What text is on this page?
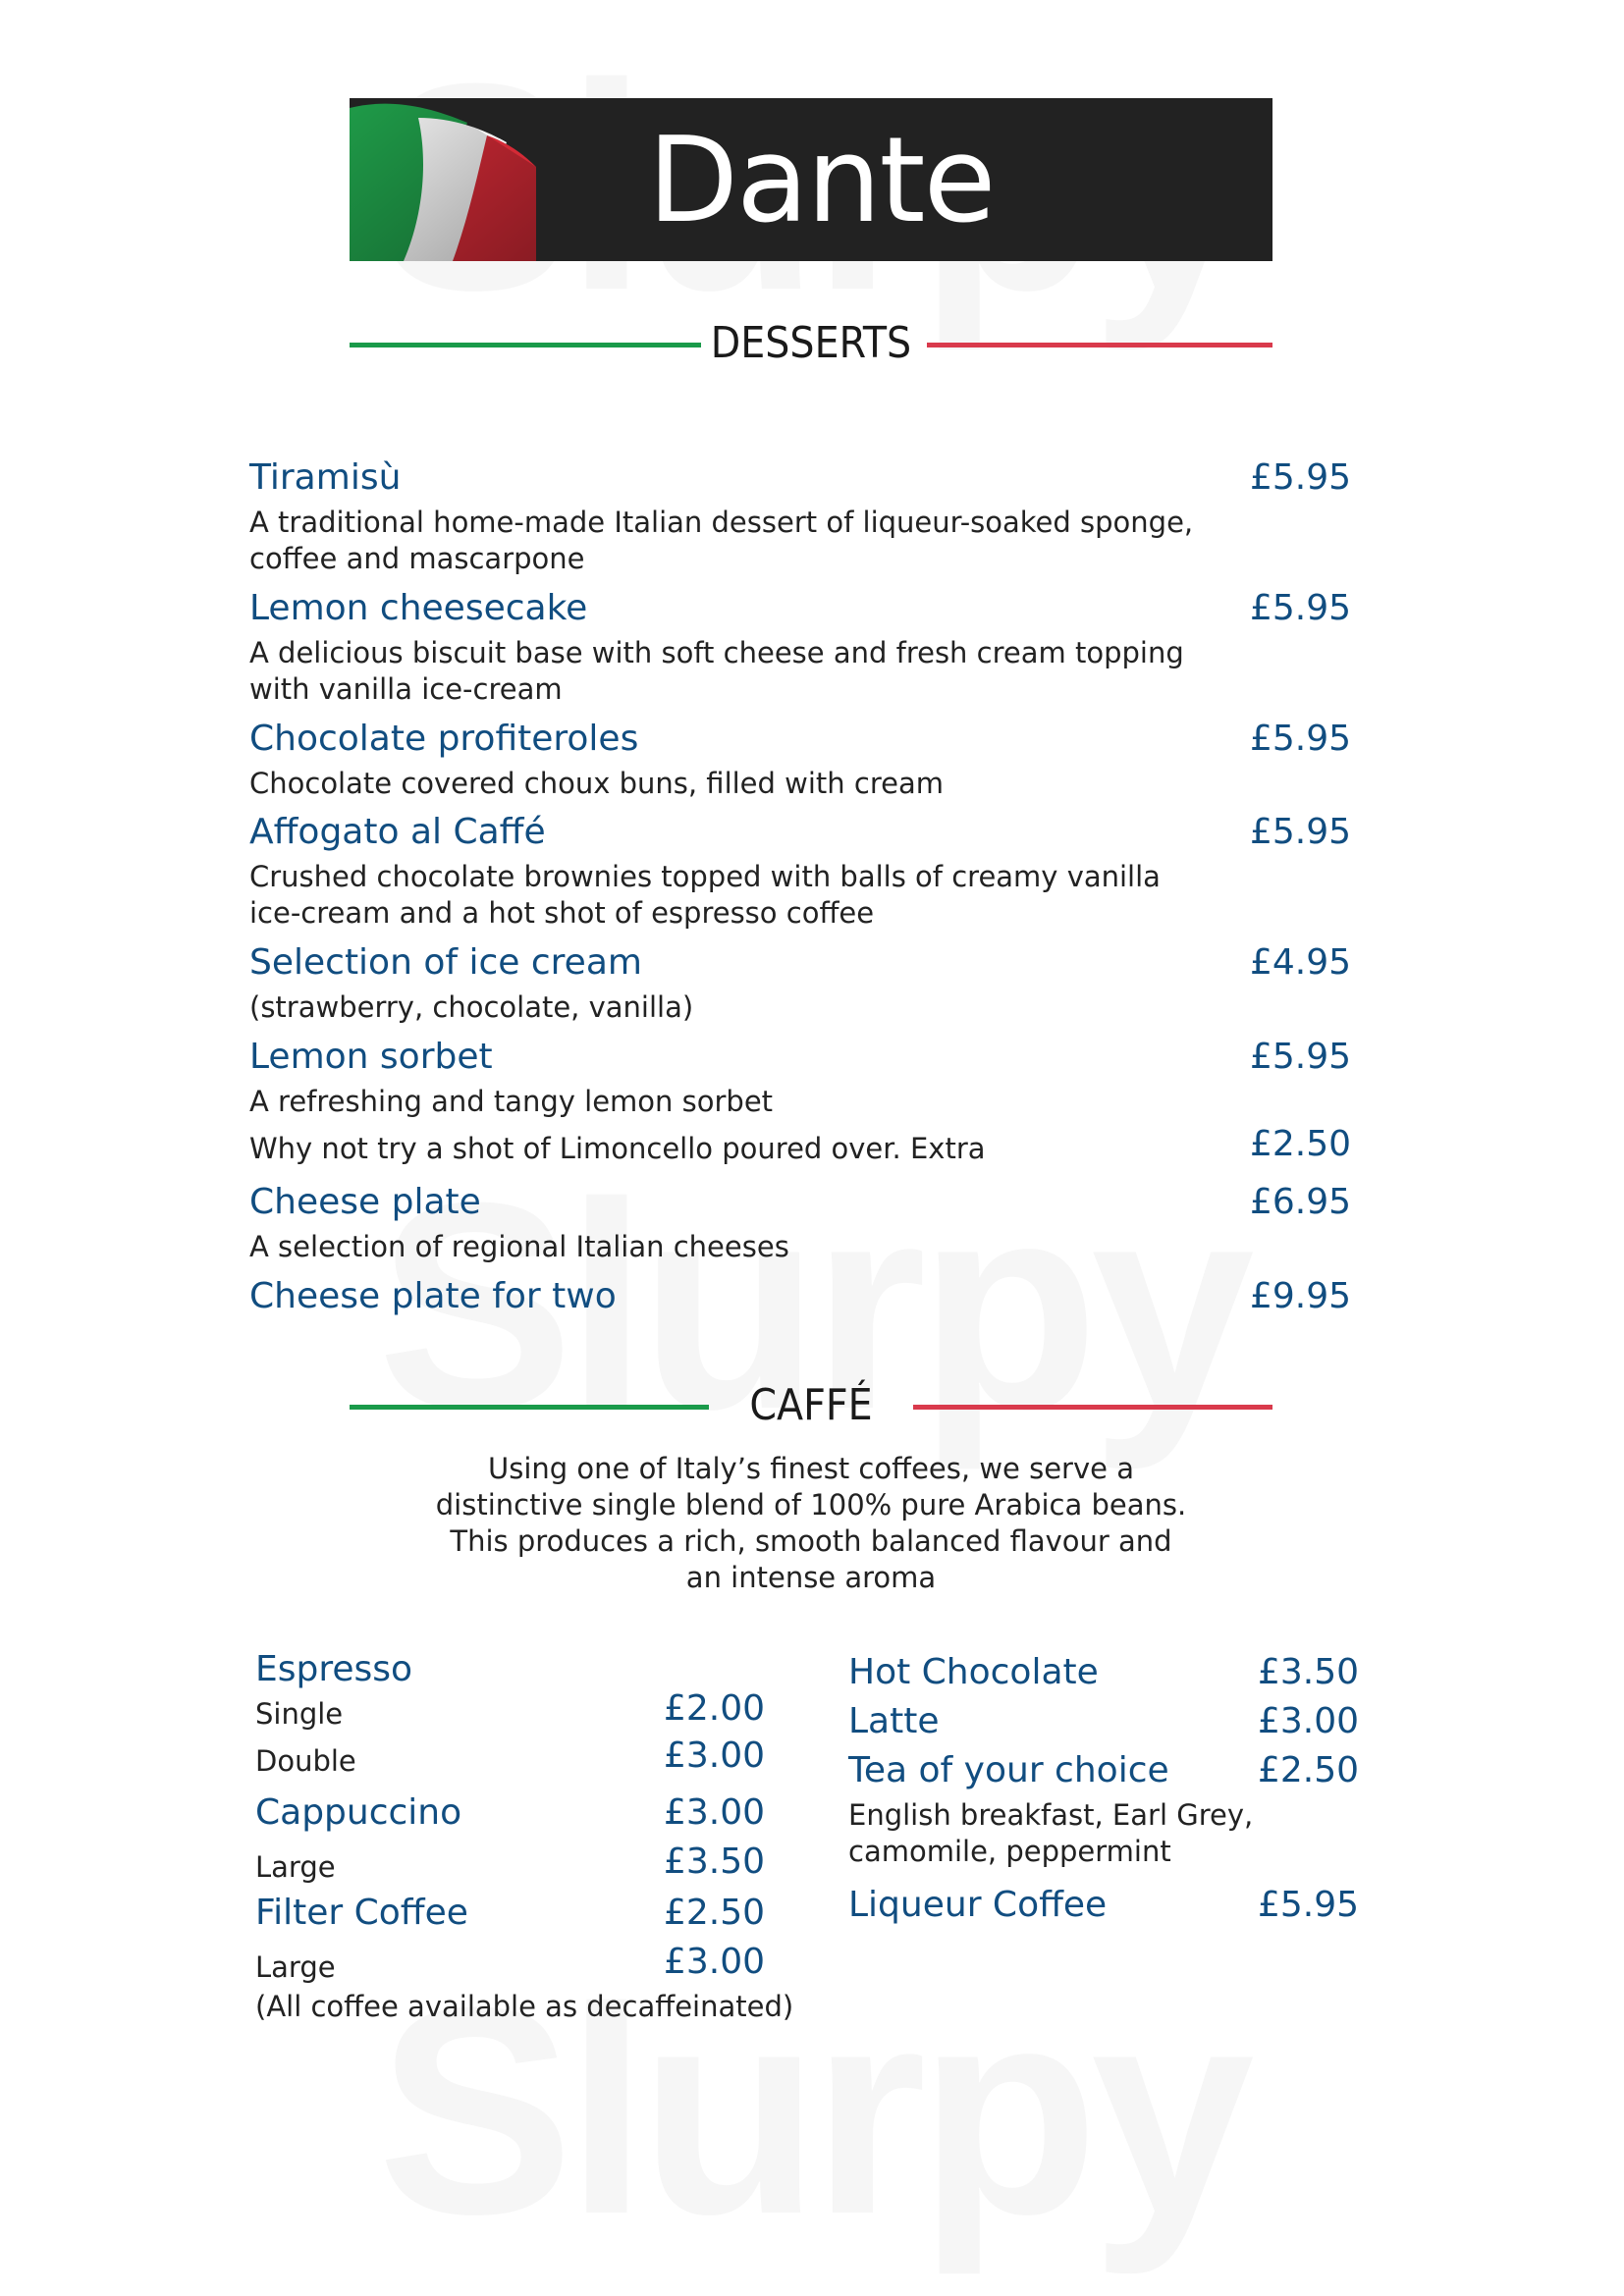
Dante
DESSERTS
Tiramisù	£5.95
A traditional home-made Italian dessert of liqueur-soaked sponge,
coffee and mascarpone
Lemon cheesecake	£5.95
A delicious biscuit base with soft cheese and fresh cream topping
with vanilla ice-cream
Chocolate profiteroles	£5.95
Chocolate covered choux buns, filled with cream
Affogato al Caffé	£5.95
Crushed chocolate brownies topped with balls of creamy vanilla
ice-cream and a hot shot of espresso coffee
Selection of ice cream	£4.95
(strawberry, chocolate, vanilla)
Lemon sorbet	£5.95
A refreshing and tangy lemon sorbet
Why not try a shot of Limoncello poured over. Extra	£2.50
Cheese plate	£6.95
A selection of regional Italian cheeses
Cheese plate for two	£9.95
CAFFÉ
Using one of Italy’s finest coffees, we serve a
distinctive single blend of 100% pure Arabica beans.
This produces a rich, smooth balanced flavour and
an intense aroma
Espresso
Single	£2.00
Double	£3.00
Cappuccino	£3.00
Large	£3.50
Filter Coffee	£2.50
Large	£3.00
(All coffee available as decaffeinated)
Hot Chocolate	£3.50
Latte	£3.00
Tea of your choice	£2.50
English breakfast, Earl Grey,
camomile, peppermint
Liqueur Coffee	£5.95
